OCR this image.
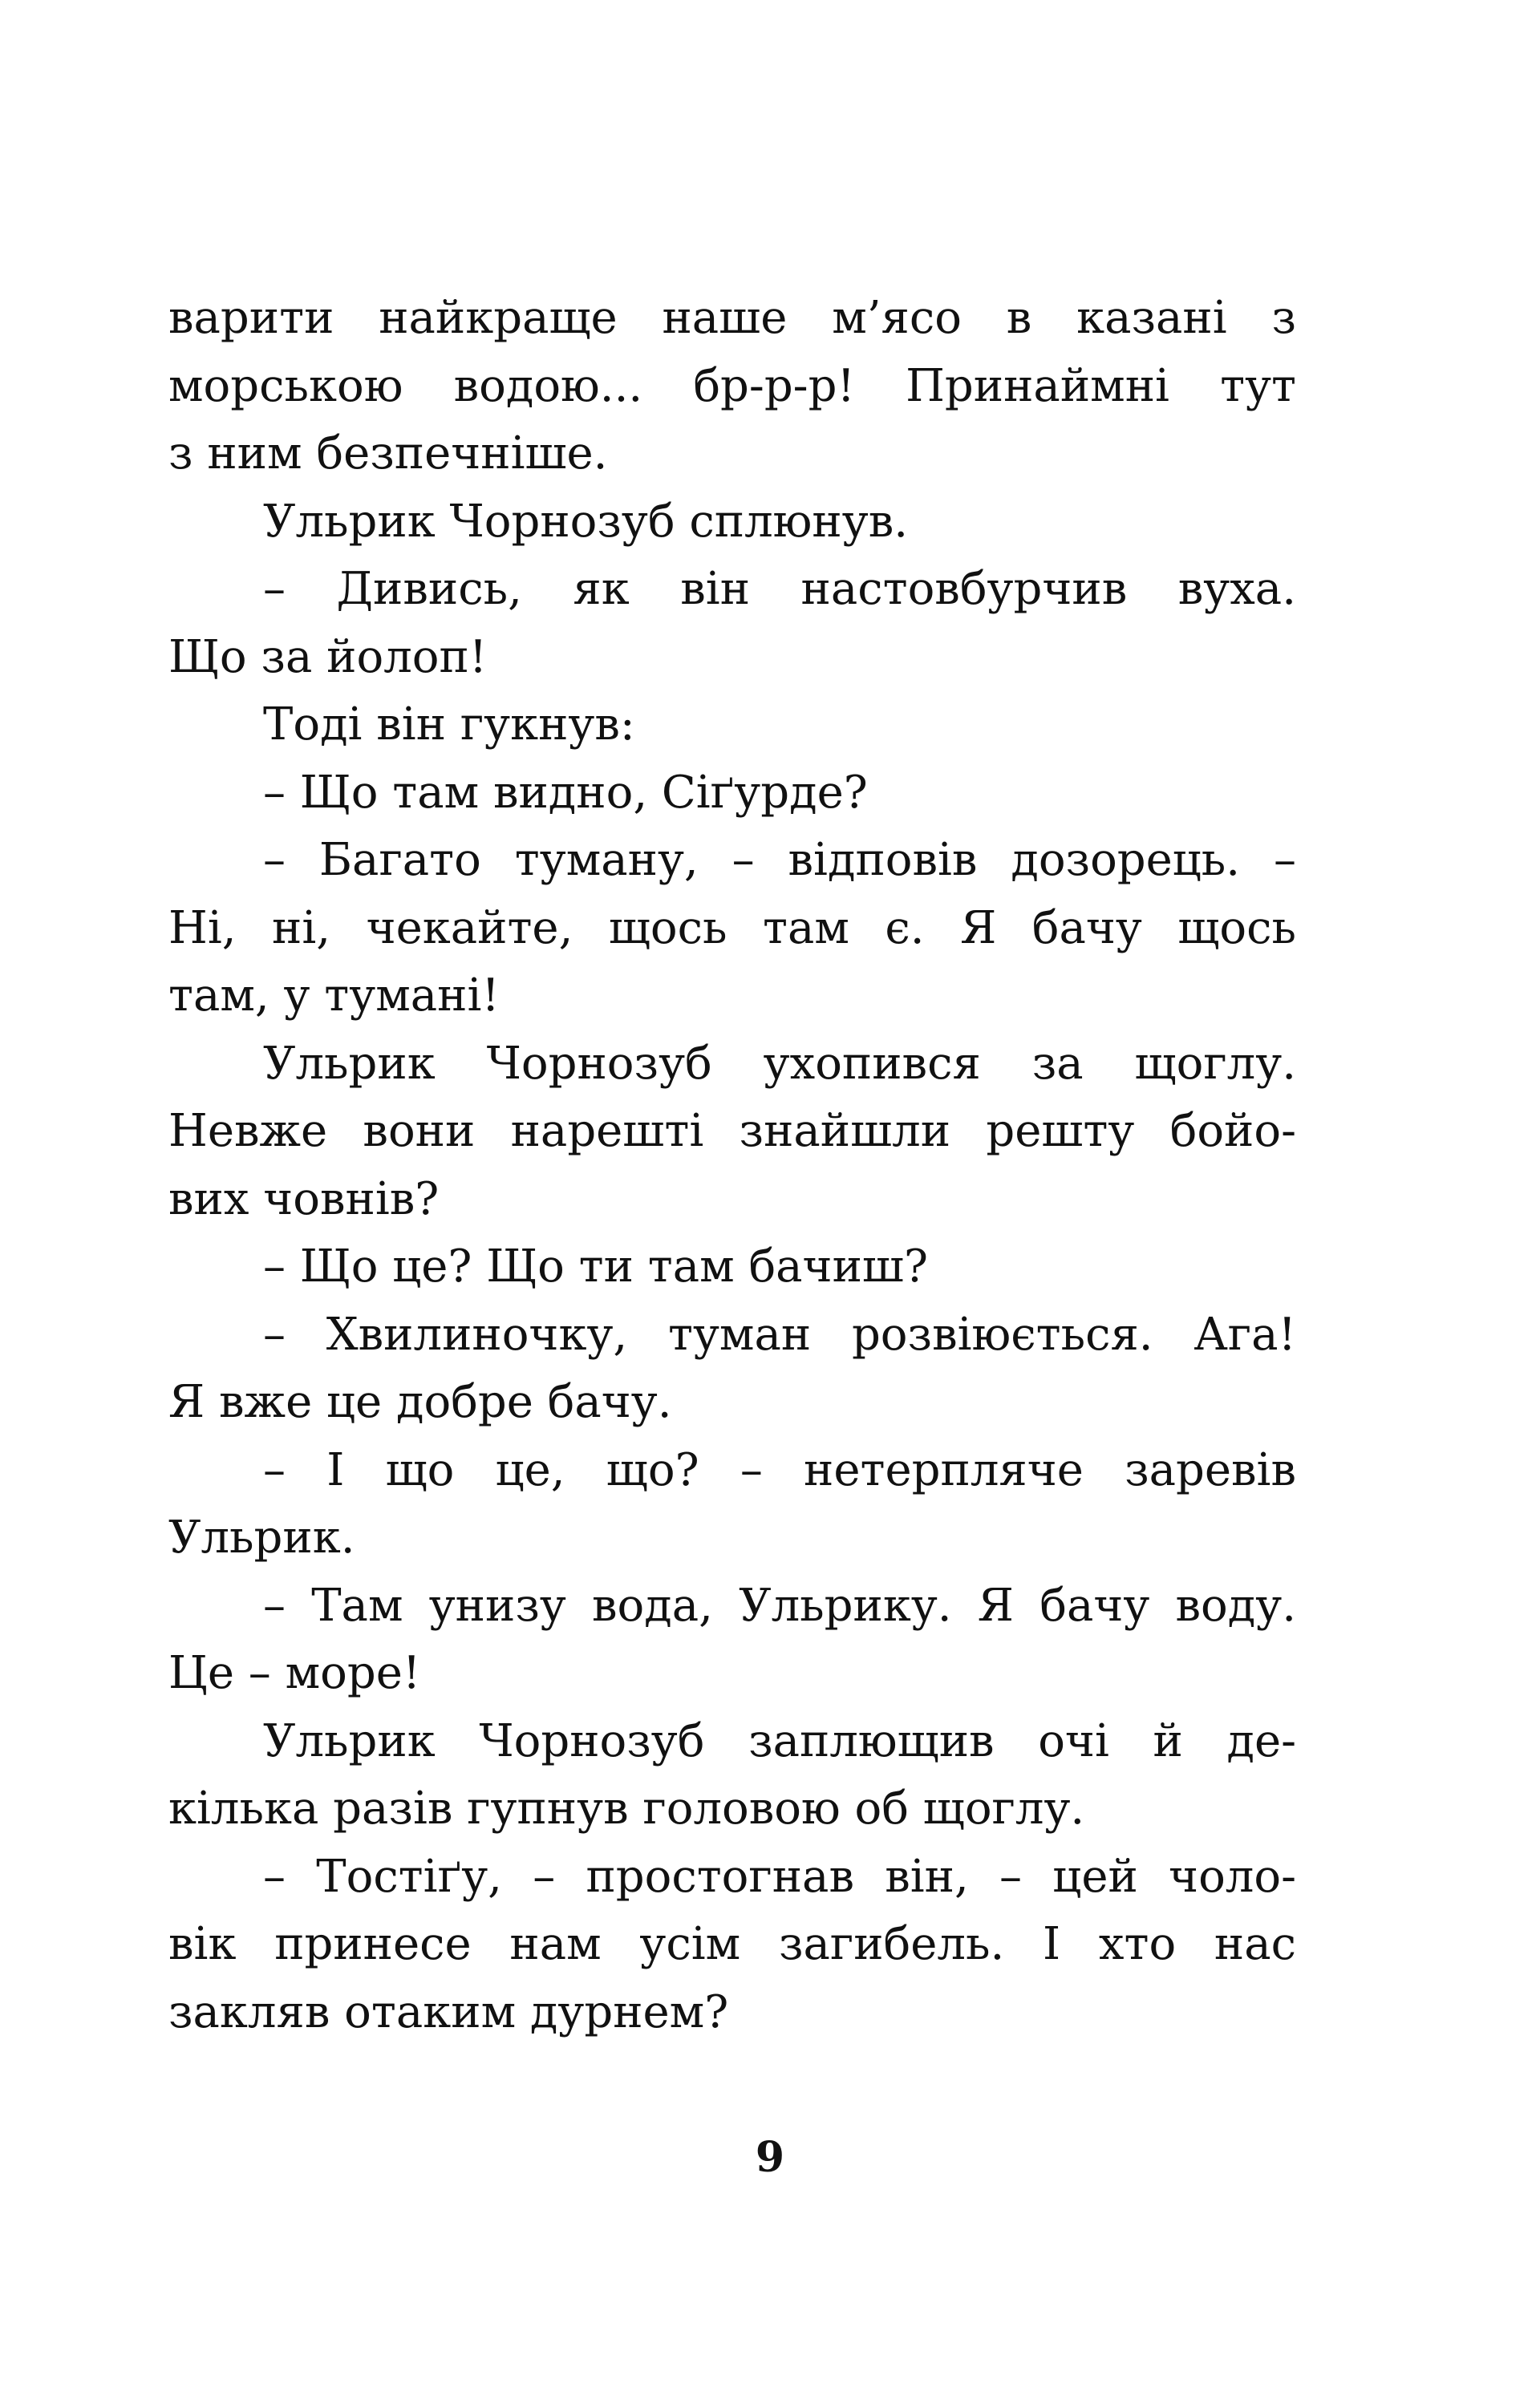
варити найкраще наше м’ясо в казані з
морською водою... бр-р-р! Принаймні тут
з ним безпечніше.
Ульрик Чорнозуб сплюнув.
– Дивись, як він настовбурчив вуха.
Що за йолоп!
Тоді він гукнув:
– Що там видно, Сіґурде?
– Багато туману, – відповів дозорець. –
Ні, ні, чекайте, щось там є. Я бачу щось
там, у тумані!
Ульрик Чорнозуб ухопився за щоглу.
Невже вони нарешті знайшли решту бойо-
вих човнів?
– Що це? Що ти там бачиш?
– Хвилиночку, туман розвіюється. Ага!
Я вже це добре бачу.
– І що це, що? – нетерпляче заревів
Ульрик.
– Там унизу вода, Ульрику. Я бачу воду.
Це – море!
Ульрик Чорнозуб заплющив очі й де-
кілька разів гупнув головою об щоглу.
– Тостіґу, – простогнав він, – цей чоло-
вік принесе нам усім загибель. І хто нас
закляв отаким дурнем?
9
